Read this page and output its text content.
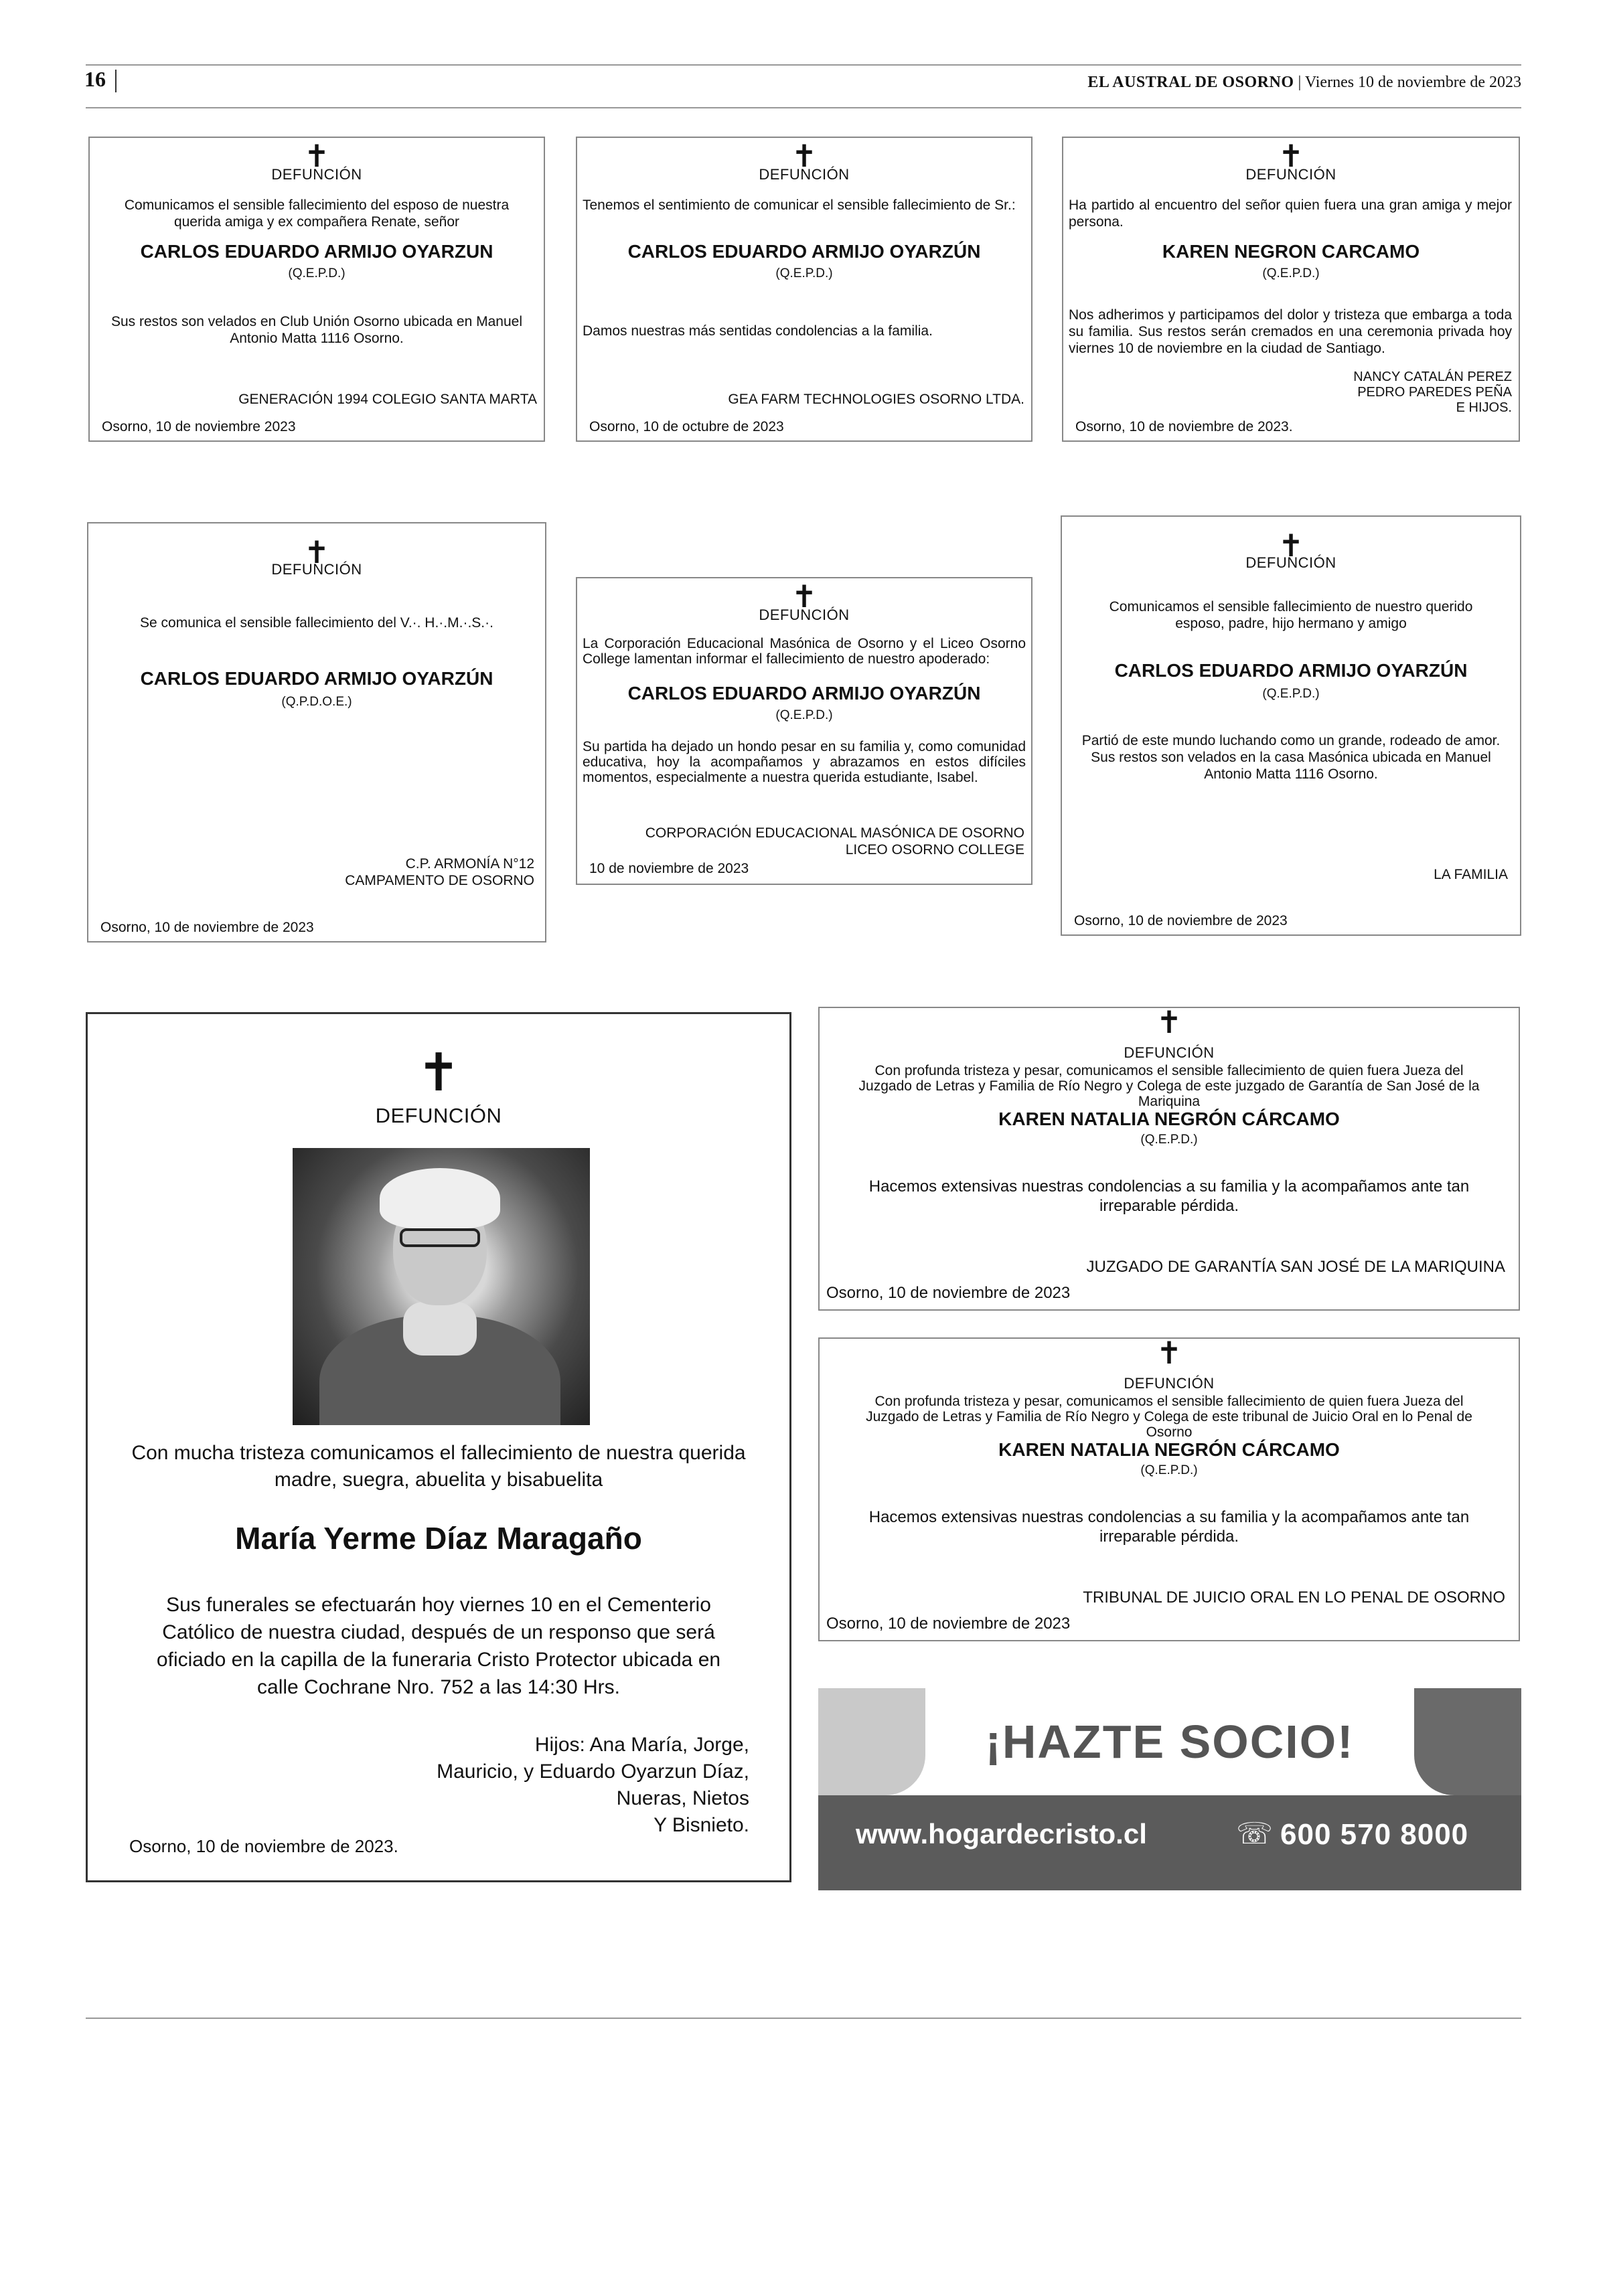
16	EL AUSTRAL DE OSORNO | Viernes 10 de noviembre de 2023
✝
DEFUNCIÓN
Comunicamos el sensible fallecimiento del esposo de nuestra querida amiga y ex compañera Renate, señor
CARLOS EDUARDO ARMIJO OYARZUN
(Q.E.P.D.)
Sus restos son velados en Club Unión Osorno ubicada en Manuel Antonio Matta 1116 Osorno.
GENERACIÓN 1994 COLEGIO SANTA MARTA
Osorno, 10 de noviembre 2023
✝
DEFUNCIÓN
Tenemos el sentimiento de comunicar el sensible fallecimiento de Sr.:
CARLOS EDUARDO ARMIJO OYARZÚN
(Q.E.P.D.)
Damos nuestras más sentidas condolencias a la familia.
GEA FARM TECHNOLOGIES OSORNO LTDA.
Osorno, 10 de octubre de 2023
✝
DEFUNCIÓN
Ha partido al encuentro del señor quien fuera una gran amiga y mejor persona.
KAREN NEGRON CARCAMO
(Q.E.P.D.)
Nos adherimos y participamos del dolor y tristeza que embarga a toda su familia. Sus restos serán cremados en una ceremonia privada hoy viernes 10 de noviembre en la ciudad de Santiago.
NANCY CATALÁN PEREZ
PEDRO PAREDES PEÑA
E HIJOS.
Osorno, 10 de noviembre de 2023.
✝
DEFUNCIÓN
Se comunica el sensible fallecimiento del V.·. H.·.M.·.S.·.
CARLOS EDUARDO ARMIJO OYARZÚN
(Q.P.D.O.E.)
C.P. ARMONÍA N°12
CAMPAMENTO DE OSORNO
Osorno, 10 de noviembre de 2023
✝
DEFUNCIÓN
La Corporación Educacional Masónica de Osorno y el Liceo Osorno College lamentan informar el fallecimiento de nuestro apoderado:
CARLOS EDUARDO ARMIJO OYARZÚN
(Q.E.P.D.)
Su partida ha dejado un hondo pesar en su familia y, como comunidad educativa, hoy la acompañamos y abrazamos en estos difíciles momentos, especialmente a nuestra querida estudiante, Isabel.
CORPORACIÓN EDUCACIONAL MASÓNICA DE OSORNO
LICEO OSORNO COLLEGE
10 de noviembre de 2023
✝
DEFUNCIÓN
Comunicamos el sensible fallecimiento de nuestro querido esposo, padre, hijo hermano y amigo
CARLOS EDUARDO ARMIJO OYARZÚN
(Q.E.P.D.)
Partió de este mundo luchando como un grande, rodeado de amor. Sus restos son velados en la casa Masónica ubicada en Manuel Antonio Matta 1116 Osorno.
LA FAMILIA
Osorno, 10 de noviembre de 2023
✝
DEFUNCIÓN
Con mucha tristeza comunicamos el fallecimiento de nuestra querida madre, suegra, abuelita y bisabuelita
María Yerme Díaz Maragaño
Sus funerales se efectuarán hoy viernes 10 en el Cementerio Católico de nuestra ciudad, después de un responso que será oficiado en la capilla de la funeraria Cristo Protector ubicada en calle Cochrane Nro. 752 a las 14:30 Hrs.
Hijos: Ana María, Jorge,
Mauricio, y Eduardo Oyarzun Díaz,
Nueras, Nietos
Y Bisnieto.
Osorno, 10 de noviembre de 2023.
✝
DEFUNCIÓN
Con profunda tristeza y pesar, comunicamos el sensible fallecimiento de quien fuera Jueza del Juzgado de Letras y Familia de Río Negro y Colega de este juzgado de Garantía de San José de la Mariquina
KAREN NATALIA NEGRÓN CÁRCAMO
(Q.E.P.D.)
Hacemos extensivas nuestras condolencias a su familia y la acompañamos ante tan irreparable pérdida.
JUZGADO DE GARANTÍA SAN JOSÉ DE LA MARIQUINA
Osorno, 10 de noviembre de 2023
✝
DEFUNCIÓN
Con profunda tristeza y pesar, comunicamos el sensible fallecimiento de quien fuera Jueza del Juzgado de Letras y Familia de Río Negro y Colega de este tribunal de Juicio Oral en lo Penal de Osorno
KAREN NATALIA NEGRÓN CÁRCAMO
(Q.E.P.D.)
Hacemos extensivas nuestras condolencias a su familia y la acompañamos ante tan irreparable pérdida.
TRIBUNAL DE JUICIO ORAL EN LO PENAL DE OSORNO
Osorno, 10 de noviembre de 2023
¡HAZTE SOCIO!
www.hogardecristo.cl	☏ 600 570 8000
